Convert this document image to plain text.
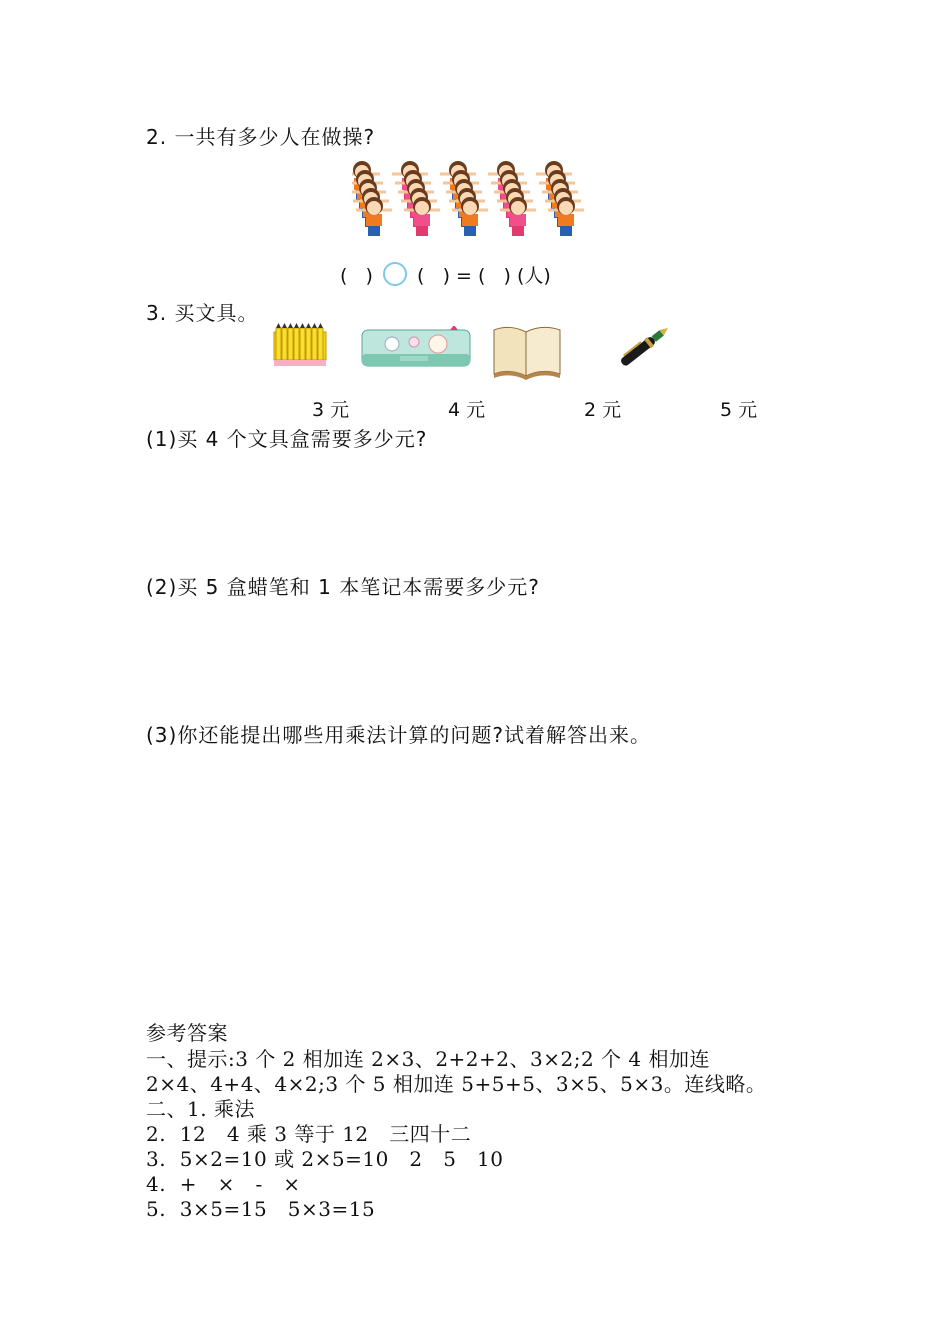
2. 一共有多少人在做操?
(   ) (   ) = (   ) (人)
3. 买文具。
3 元	4 元	2 元	5 元
(1)买 4 个文具盒需要多少元?
(2)买 5 盒蜡笔和 1 本笔记本需要多少元?
(3)你还能提出哪些用乘法计算的问题?试着解答出来。
参考答案
一、提示:3 个 2 相加连 2×3、2+2+2、3×2;2 个 4 相加连
2×4、4+4、4×2;3 个 5 相加连 5+5+5、3×5、5×3。连线略。
二、1. 乘法
2.  12   4 乘 3 等于 12   三四十二
3.  5×2=10 或 2×5=10   2   5   10
4.  +   ×   -   ×
5.  3×5=15   5×3=15
